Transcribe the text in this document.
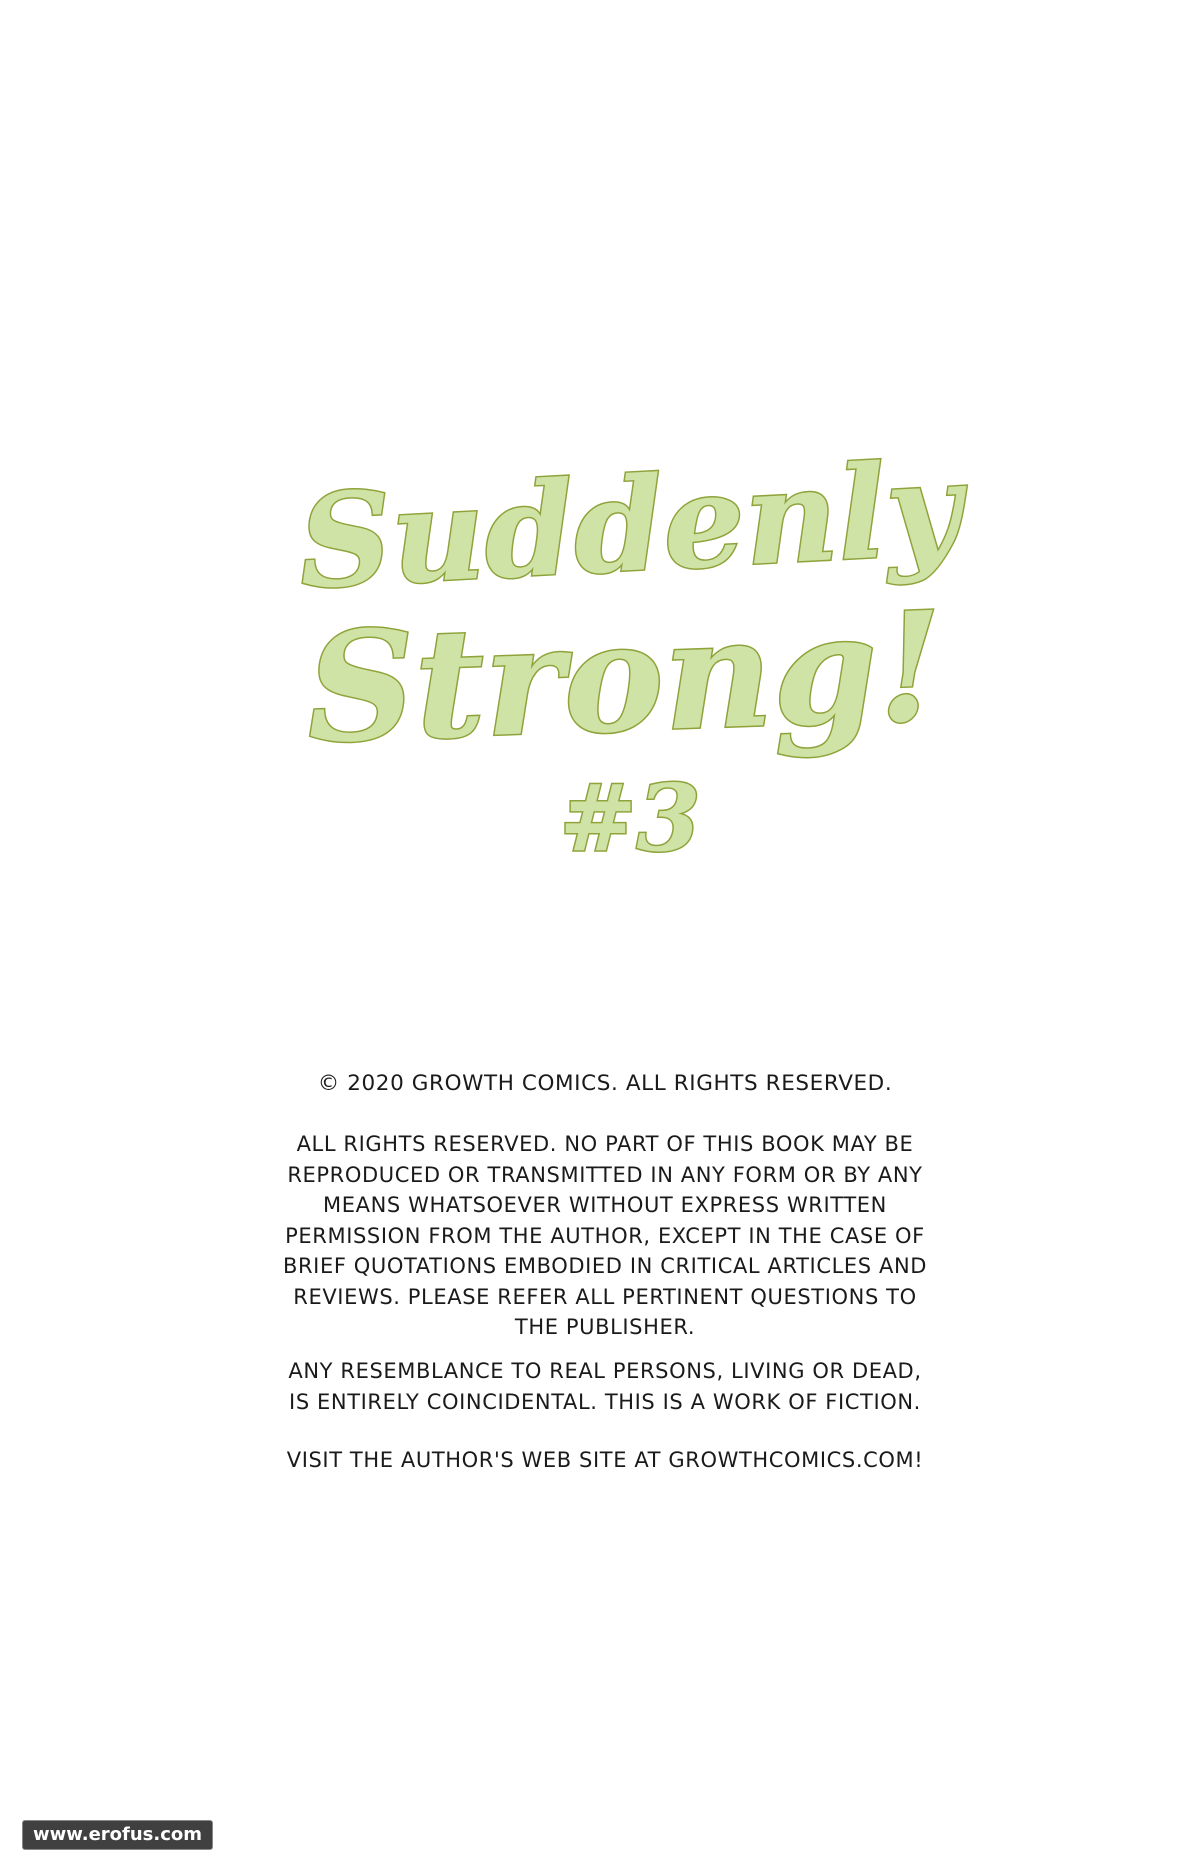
Suddenly
Strong!
#3

© 2020 GROWTH COMICS. ALL RIGHTS RESERVED.

ALL RIGHTS RESERVED. NO PART OF THIS BOOK MAY BE REPRODUCED OR TRANSMITTED IN ANY FORM OR BY ANY MEANS WHATSOEVER WITHOUT EXPRESS WRITTEN PERMISSION FROM THE AUTHOR, EXCEPT IN THE CASE OF BRIEF QUOTATIONS EMBODIED IN CRITICAL ARTICLES AND REVIEWS. PLEASE REFER ALL PERTINENT QUESTIONS TO THE PUBLISHER.

ANY RESEMBLANCE TO REAL PERSONS, LIVING OR DEAD, IS ENTIRELY COINCIDENTAL. THIS IS A WORK OF FICTION.

VISIT THE AUTHOR'S WEB SITE AT GROWTHCOMICS.COM!

www.erofus.com
